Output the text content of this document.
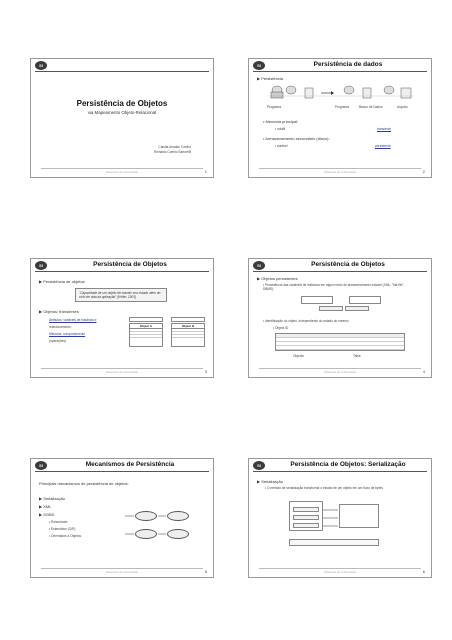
SI
Persistência de Objetos
via Mapeamento Objeto-Relacional
Camila Arnaldo Coelho
Reinaldo Coelho Sartorelli
SIstemas de Informação	1
SI	Persistência de dados
▶ Persistência
Programa	Programa	Banco de Dados	Arquivo
• Memória principal:
• volátil	transiente
• Armazenamento secundário (disco):
• durável	persistente
SIstemas de Informação	2
SI	Persistência de Objetos
▶ Persistência de objetos:
"Capacidade de um objeto de manter seu estado além do ciclo de vida da aplicação" [Keller, 2001]
▶ Objetos: transientes
Atributos: variáveis de instância e
relacionamento;
Métodos: comportamento
(operações)
Object A	Object B
SIstemas de Informação	3
SI	Persistência de Objetos
▶ Objetos persistentes
• Persistência das variáveis de instância em algum meio de armazenamento estável (XML, "flat file", DBMS).
• Identificação do objeto, independente do estado do mesmo
• Object ID
Objects	Table
SIstemas de Informação	4
SI	Mecanismos de Persistência
Principais mecanismos de persistência de objetos:
▶ Serialização
▶ XML
▶ SGBD
• Relacionais
• Estendidos (O/R)
• Orientados a Objetos
SIstemas de Informação	5
SI	Persistência de Objetos: Serialização
▶ Serialização
• O método de serialização transforma o estado de um objeto em um fluxo de bytes
SIstemas de Informação	6
